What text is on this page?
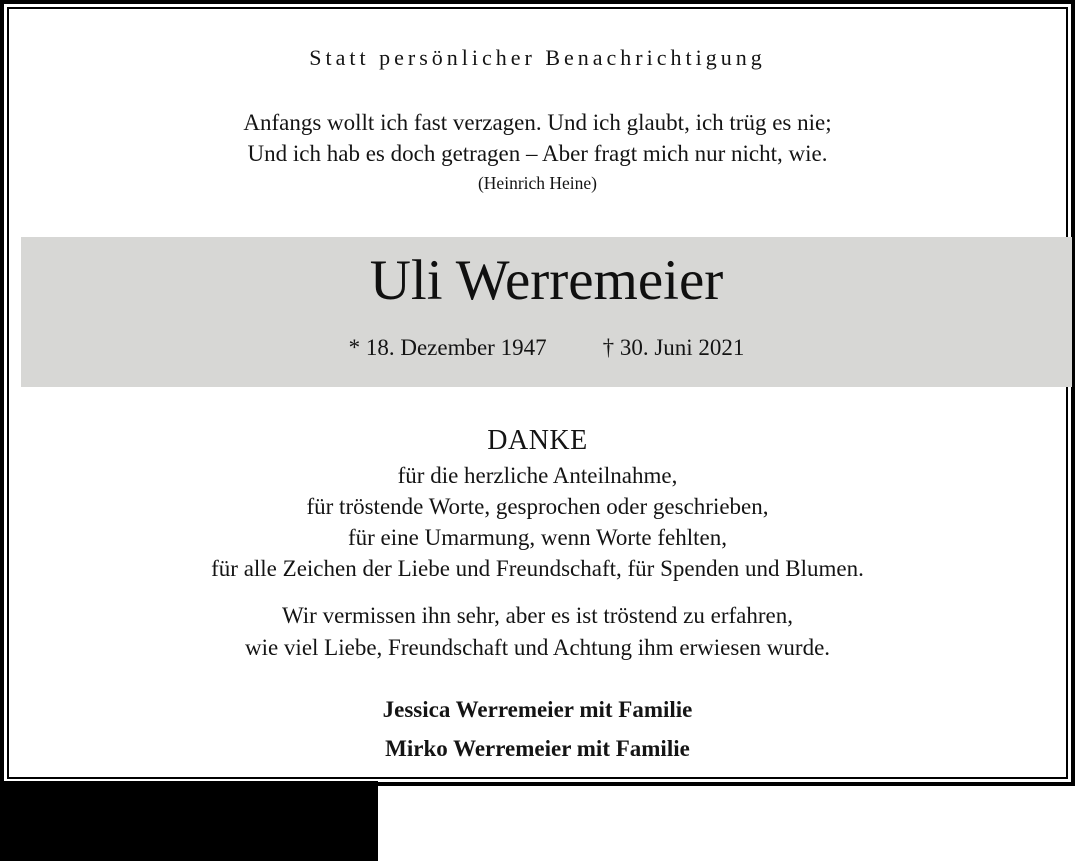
Statt persönlicher Benachrichtigung
Anfangs wollt ich fast verzagen. Und ich glaubt, ich trüg es nie;
Und ich hab es doch getragen – Aber fragt mich nur nicht, wie.
(Heinrich Heine)
Uli Werremeier
* 18. Dezember 1947 † 30. Juni 2021
DANKE
für die herzliche Anteilnahme,
für tröstende Worte, gesprochen oder geschrieben,
für eine Umarmung, wenn Worte fehlten,
für alle Zeichen der Liebe und Freundschaft, für Spenden und Blumen.
Wir vermissen ihn sehr, aber es ist tröstend zu erfahren,
wie viel Liebe, Freundschaft und Achtung ihm erwiesen wurde.
Jessica Werremeier mit Familie
Mirko Werremeier mit Familie
